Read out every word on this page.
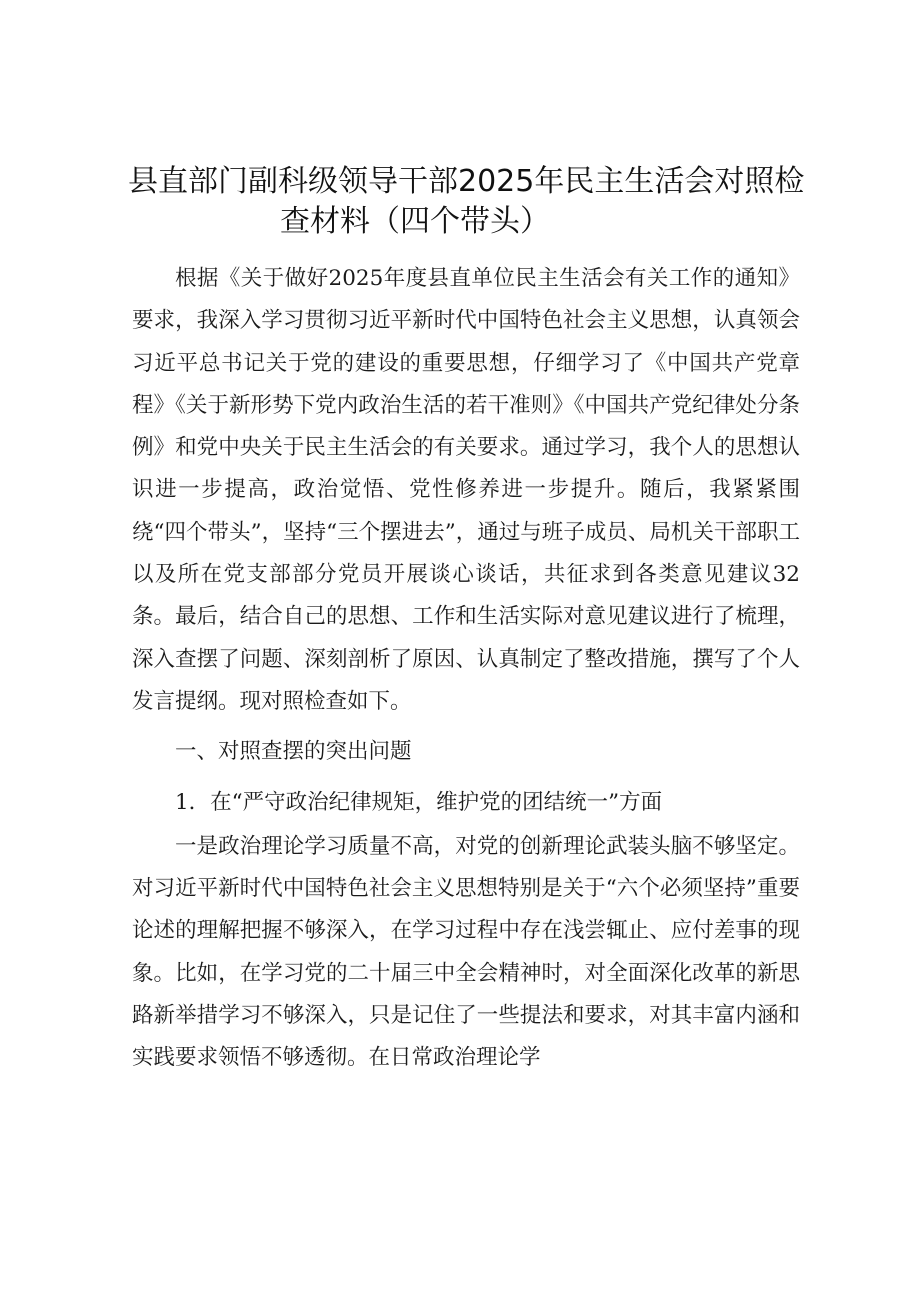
县直部门副科级领导干部2025年民主生活会对照检

查材料（四个带头）

根据《关于做好2025年度县直单位民主生活会有关工作的通知》要求，我深入学习贯彻习近平新时代中国特色社会主义思想，认真领会习近平总书记关于党的建设的重要思想，仔细学习了《中国共产党章程》《关于新形势下党内政治生活的若干准则》《中国共产党纪律处分条例》和党中央关于民主生活会的有关要求。通过学习，我个人的思想认识进一步提高，政治觉悟、党性修养进一步提升。随后，我紧紧围绕“四个带头”，坚持“三个摆进去”，通过与班子成员、局机关干部职工以及所在党支部部分党员开展谈心谈话，共征求到各类意见建议32条。最后，结合自己的思想、工作和生活实际对意见建议进行了梳理，深入查摆了问题、深刻剖析了原因、认真制定了整改措施，撰写了个人发言提纲。现对照检查如下。

一、对照查摆的突出问题

1．在“严守政治纪律规矩，维护党的团结统一”方面

一是政治理论学习质量不高，对党的创新理论武装头脑不够坚定。对习近平新时代中国特色社会主义思想特别是关于“六个必须坚持”重要论述的理解把握不够深入，在学习过程中存在浅尝辄止、应付差事的现象。比如，在学习党的二十届三中全会精神时，对全面深化改革的新思路新举措学习不够深入，只是记住了一些提法和要求，对其丰富内涵和实践要求领悟不够透彻。在日常政治理论学
